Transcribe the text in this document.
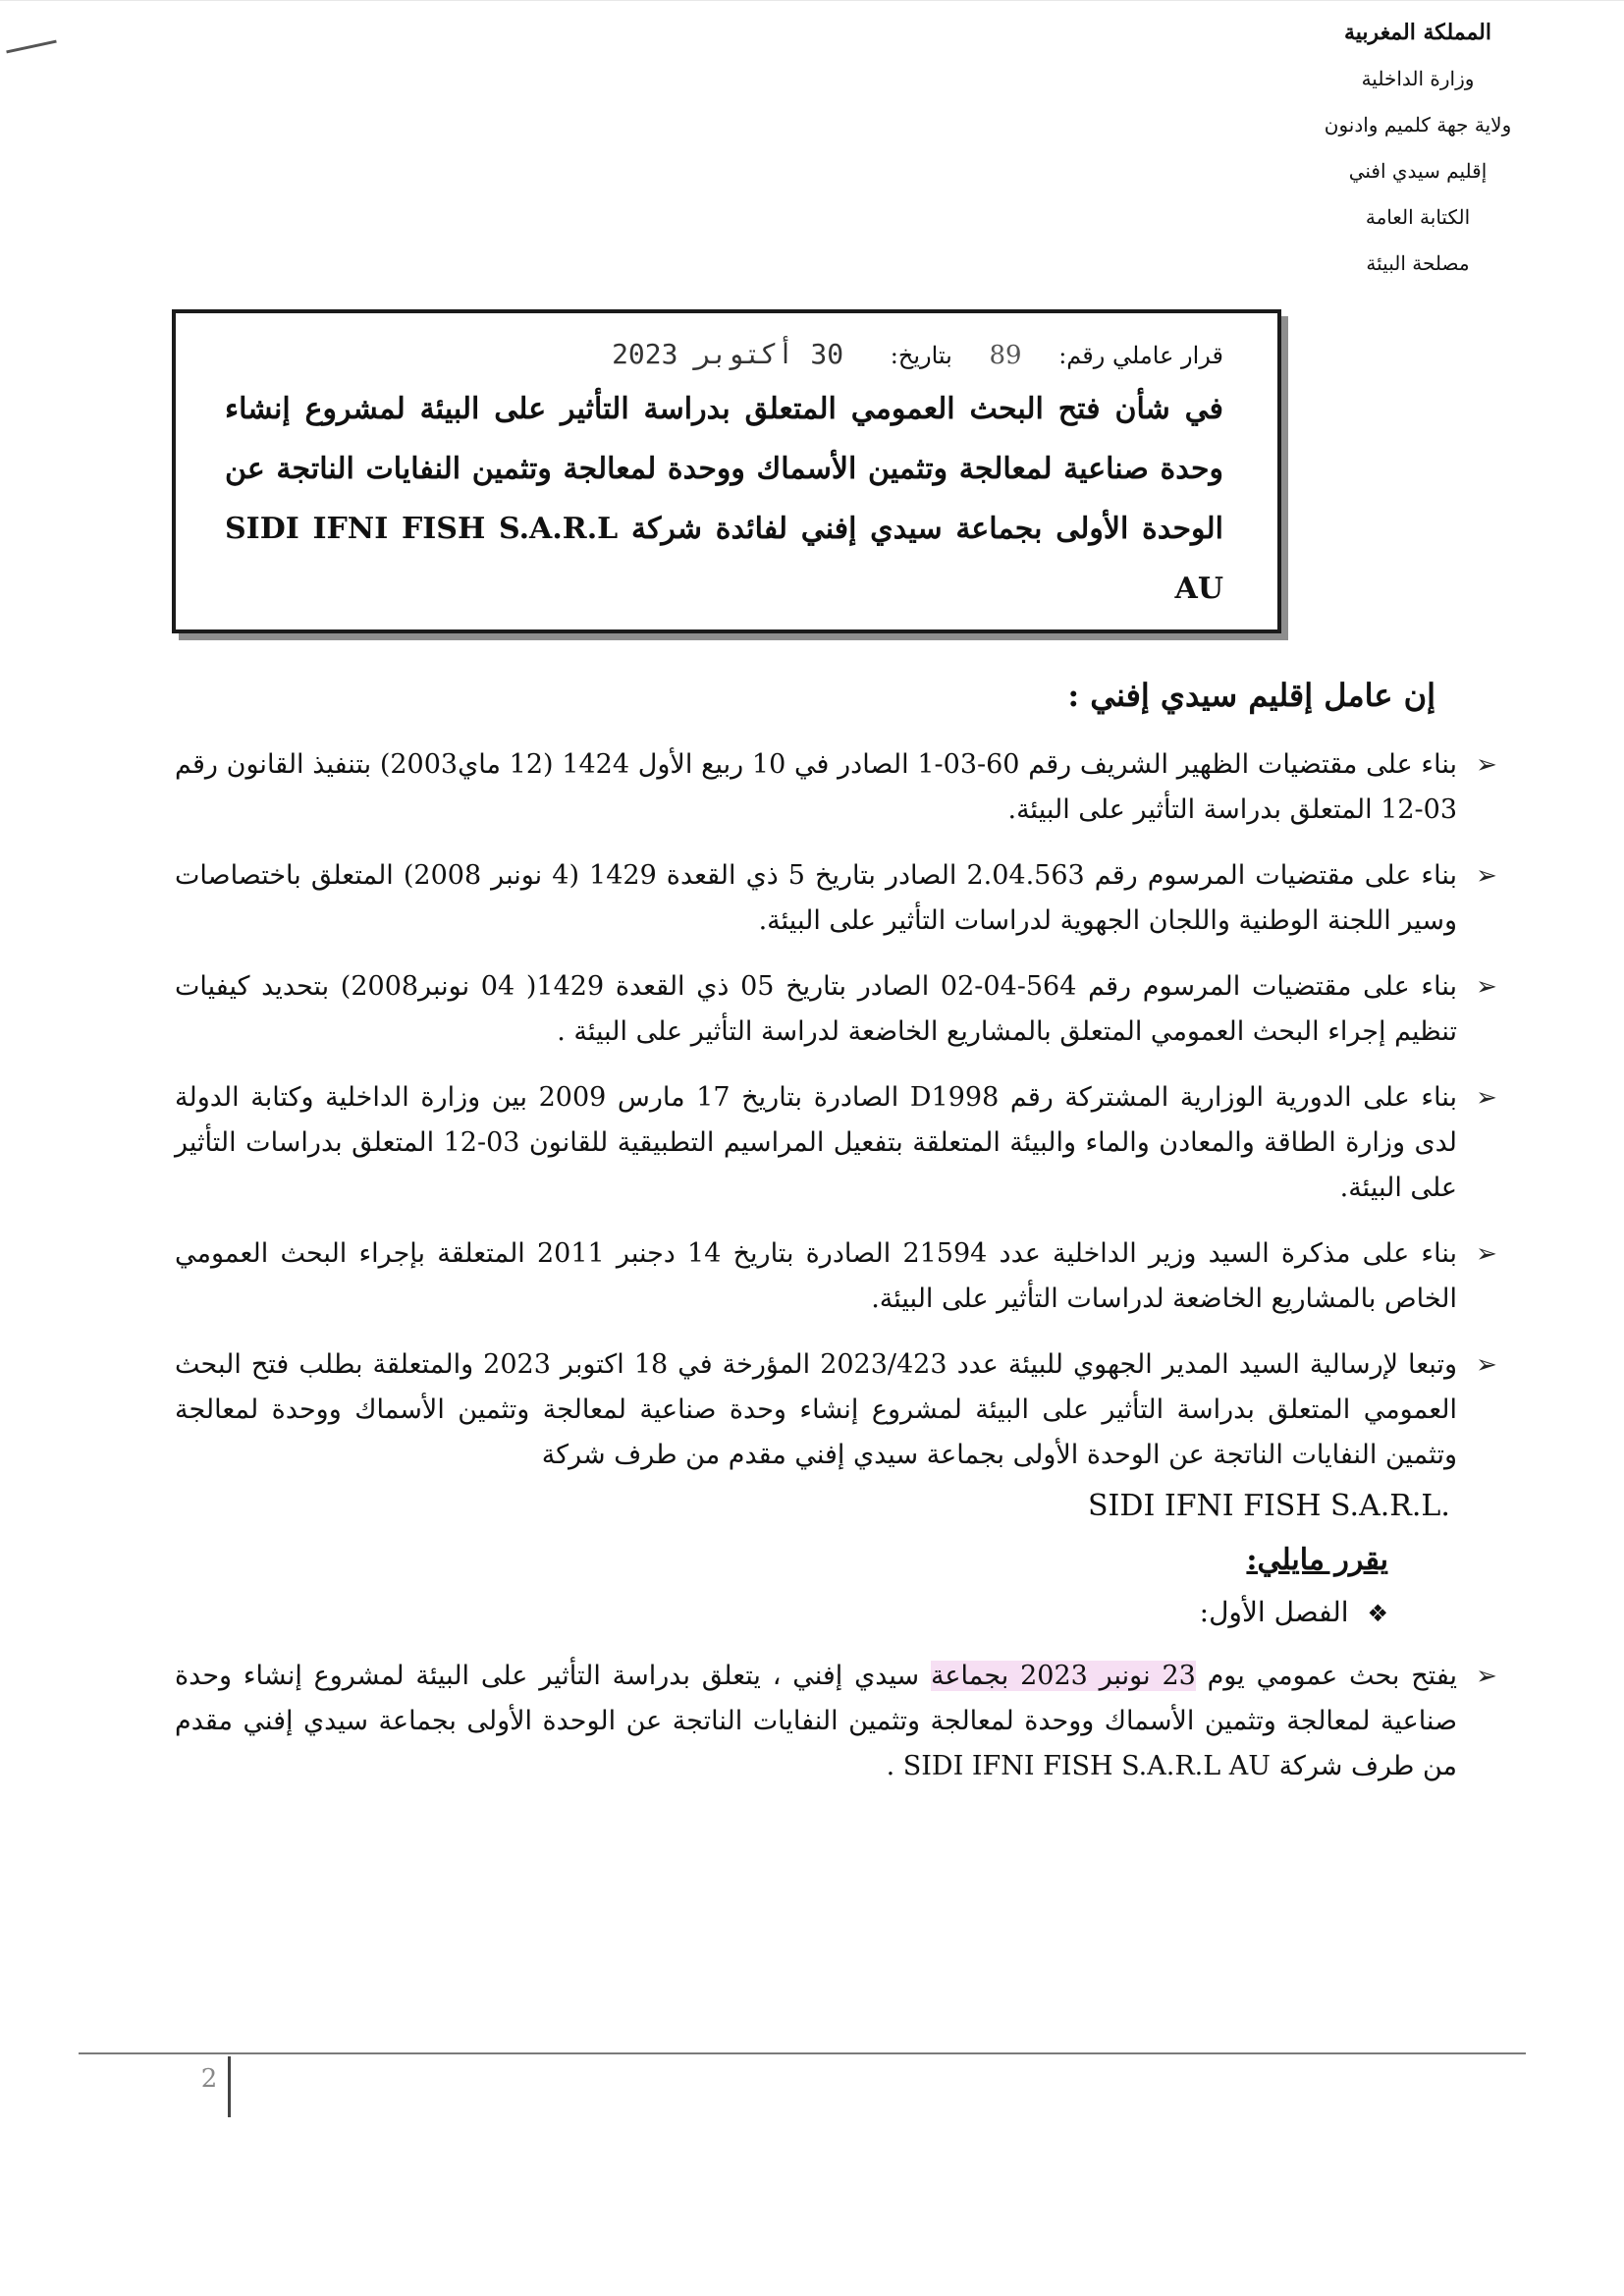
المملكة المغربية
وزارة الداخلية
ولاية جهة كلميم وادنون
إقليم سيدي افني
الكتابة العامة
مصلحة البيئة
قرار عاملي رقم: 89 بتاريخ: 30 أكتوبر 2023
في شأن فتح البحث العمومي المتعلق بدراسة التأثير على البيئة لمشروع إنشاء وحدة صناعية لمعالجة وتثمين الأسماك ووحدة لمعالجة وتثمين النفايات الناتجة عن الوحدة الأولى بجماعة سيدي إفني لفائدة شركة SIDI IFNI FISH S.A.R.L AU
إن عامل إقليم سيدي إفني :
➢
بناء على مقتضيات الظهير الشريف رقم 60-03-1 الصادر في 10 ربيع الأول 1424 (12 ماي2003) بتنفيذ القانون رقم 03-12 المتعلق بدراسة التأثير على البيئة.
➢
بناء على مقتضيات المرسوم رقم 2.04.563 الصادر بتاريخ 5 ذي القعدة 1429 (4 نونبر 2008) المتعلق باختصاصات وسير اللجنة الوطنية واللجان الجهوية لدراسات التأثير على البيئة.
➢
بناء على مقتضيات المرسوم رقم 564-04-02 الصادر بتاريخ 05 ذي القعدة 1429( 04 نونبر2008) بتحديد كيفيات تنظيم إجراء البحث العمومي المتعلق بالمشاريع الخاضعة لدراسة التأثير على البيئة .
➢
بناء على الدورية الوزارية المشتركة رقم D1998 الصادرة بتاريخ 17 مارس 2009 بين وزارة الداخلية وكتابة الدولة لدى وزارة الطاقة والمعادن والماء والبيئة المتعلقة بتفعيل المراسيم التطبيقية للقانون 03-12 المتعلق بدراسات التأثير على البيئة.
➢
بناء على مذكرة السيد وزير الداخلية عدد 21594 الصادرة بتاريخ 14 دجنبر 2011 المتعلقة بإجراء البحث العمومي الخاص بالمشاريع الخاضعة لدراسات التأثير على البيئة.
➢
وتبعا لإرسالية السيد المدير الجهوي للبيئة عدد 2023/423 المؤرخة في 18 اكتوبر 2023 والمتعلقة بطلب فتح البحث العمومي المتعلق بدراسة التأثير على البيئة لمشروع إنشاء وحدة صناعية لمعالجة وتثمين الأسماك ووحدة لمعالجة وتثمين النفايات الناتجة عن الوحدة الأولى بجماعة سيدي إفني مقدم من طرف شركة
SIDI IFNI FISH S.A.R.L.
يقرر مايلي:
❖ الفصل الأول:
➢
يفتح بحث عمومي يوم 23 نونبر 2023 بجماعة سيدي إفني ، يتعلق بدراسة التأثير على البيئة لمشروع إنشاء وحدة صناعية لمعالجة وتثمين الأسماك ووحدة لمعالجة وتثمين النفايات الناتجة عن الوحدة الأولى بجماعة سيدي إفني مقدم من طرف شركة SIDI IFNI FISH S.A.R.L AU .
2
